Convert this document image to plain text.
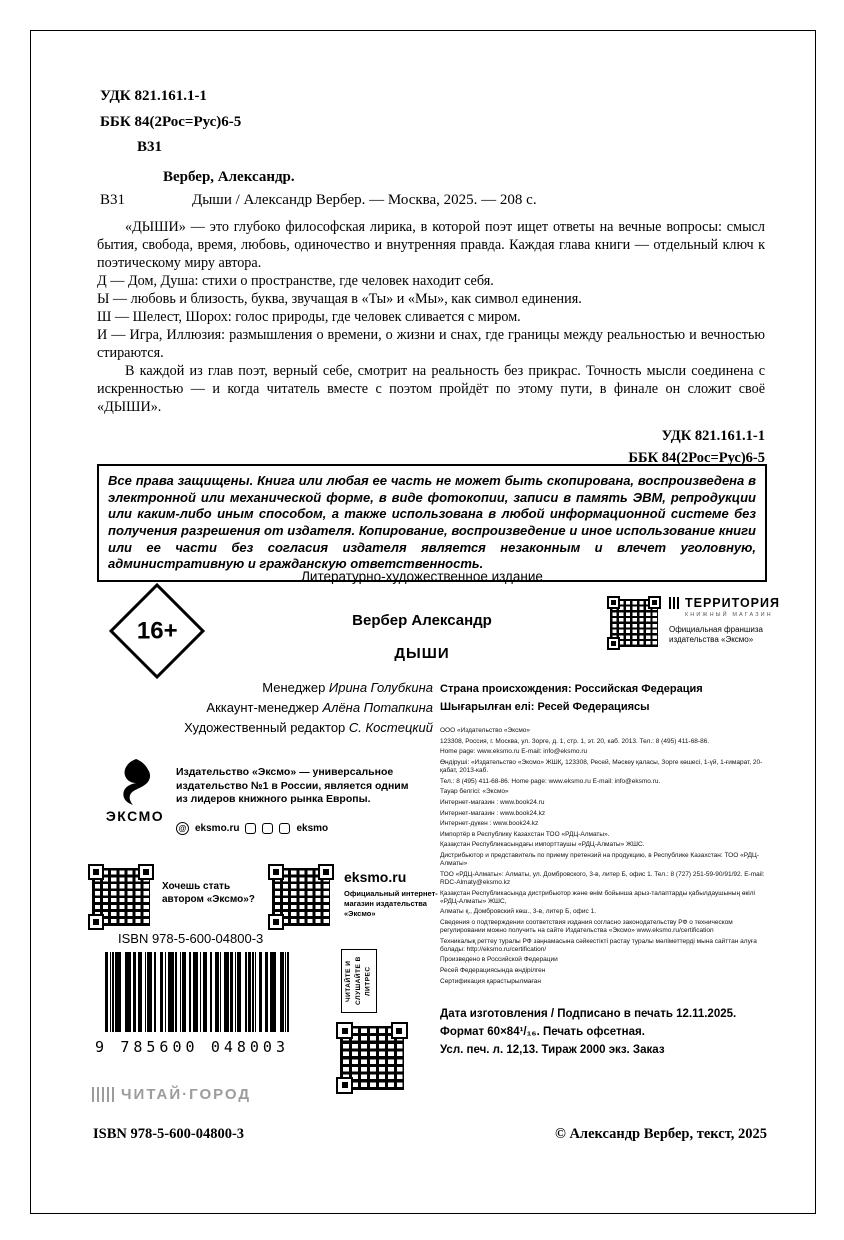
УДК 821.161.1-1
ББК 84(2Рос=Рус)6-5
В31
Вербер, Александр.
В31	Дыши / Александр Вербер. — Москва, 2025. — 208 с.

«ДЫШИ» — это глубоко философская лирика, в которой поэт ищет ответы на вечные вопросы: смысл бытия, свобода, время, любовь, одиночество и внутренняя правда. Каждая глава книги — отдельный ключ к поэтическому миру автора.

Д — Дом, Душа: стихи о пространстве, где человек находит себя.

Ы — любовь и близость, буква, звучащая в «Ты» и «Мы», как символ единения.

Ш — Шелест, Шорох: голос природы, где человек сливается с миром.

И — Игра, Иллюзия: размышления о времени, о жизни и снах, где границы между реальностью и вечностью стираются.

В каждой из глав поэт, верный себе, смотрит на реальность без прикрас. Точность мысли соединена с искренностью — и когда читатель вместе с поэтом пройдёт по этому пути, в финале он сложит своё «ДЫШИ».

УДК 821.161.1-1
ББК 84(2Рос=Рус)6-5
Все права защищены. Книга или любая ее часть не может быть скопирована, воспроизведена в электронной или механической форме, в виде фотокопии, записи в память ЭВМ, репродукции или каким-либо иным способом, а также использована в любой информационной системе без получения разрешения от издателя. Копирование, воспроизведение и иное использование книги или ее части без согласия издателя является незаконным и влечет уголовную, административную и гражданскую ответственность.
Литературно-художественное издание
16+	Вербер Александр
ДЫШИ
ТЕРРИТОРИЯ
КНИЖНЫЙ МАГАЗИН
Официальная франшиза издательства «Эксмо»
Менеджер Ирина Голубкина
Аккаунт-менеджер Алёна Потапкина
Художественный редактор С. Костецкий
Страна происхождения: Российская Федерация
Шығарылған елі: Ресей Федерациясы
ООО «Издательство «Эксмо»
123308, Россия, г. Москва, ул. Зорге, д. 1, стр. 1, эт. 20, каб. 2013. Тел.: 8 (495) 411-68-86.
Home page: www.eksmo.ru E-mail: info@eksmo.ru
Өндіруші: «Издательство «Эксмо» ЖШҚ, 123308, Ресей, Мәскеу қаласы, Зорге көшесі, 1-үй, 1-ғимарат, 20-қабат, 2013-каб.
Тел.: 8 (495) 411-68-86. Home page: www.eksmo.ru E-mail: info@eksmo.ru.
Тауар белгісі: «Эксмо»
Интернет-магазин : www.book24.ru
Интернет-магазин : www.book24.kz
Интернет-дүкен : www.book24.kz
Импортёр в Республику Казахстан ТОО «РДЦ-Алматы».
Қазақстан Республикасындағы импорттаушы «РДЦ-Алматы» ЖШС.
Дистрибьютор и представитель по приему претензий на продукцию, в Республике Казахстан: ТОО «РДЦ-Алматы»
ТОО «РДЦ-Алматы»: Алматы, ул. Домбровского, 3-в, литер Б, офис 1. Тел.: 8 (727) 251-59-90/91/92. E-mail: RDC-Almaty@eksmo.kz
Қазақстан Республикасында дистрибьютор және өнім бойынша арыз-талаптарды қабылдаушының өкілі «РДЦ-Алматы» ЖШС,
Алматы қ., Домбровский көш., 3-в, литер Б, офис 1.
Сведения о подтверждении соответствия издания согласно законодательству РФ о техническом регулировании можно получить на сайте Издательства «Эксмо» www.eksmo.ru/certification
Техникалық реттеу туралы РФ заңнамасына сәйкестікті растау туралы мәліметтерді мына сайттан алуға болады: http://eksmo.ru/certification/
Произведено в Российской Федерации
Ресей Федерациясында өндірілген
Сертификация қарастырылмаған
ЭКСМО
Издательство «Эксмо» — универсальное издательство №1 в России, является одним из лидеров книжного рынка Европы.
@ eksmo.ru	eksmo
Хочешь стать автором «Эксмо»?
eksmo.ru
Официальный интернет-магазин издательства «Эксмо»
ISBN 978-5-600-04800-3
9 785600 048003
ЧИТАЙ·ГОРОД
ЧИТАЙТЕ И СЛУШАЙТЕ В ЛИТРЕС
Дата изготовления / Подписано в печать 12.11.2025.
Формат 60×84¹/₁₆. Печать офсетная.
Усл. печ. л. 12,13. Тираж 2000 экз. Заказ
ISBN 978-5-600-04800-3	© Александр Вербер, текст, 2025
